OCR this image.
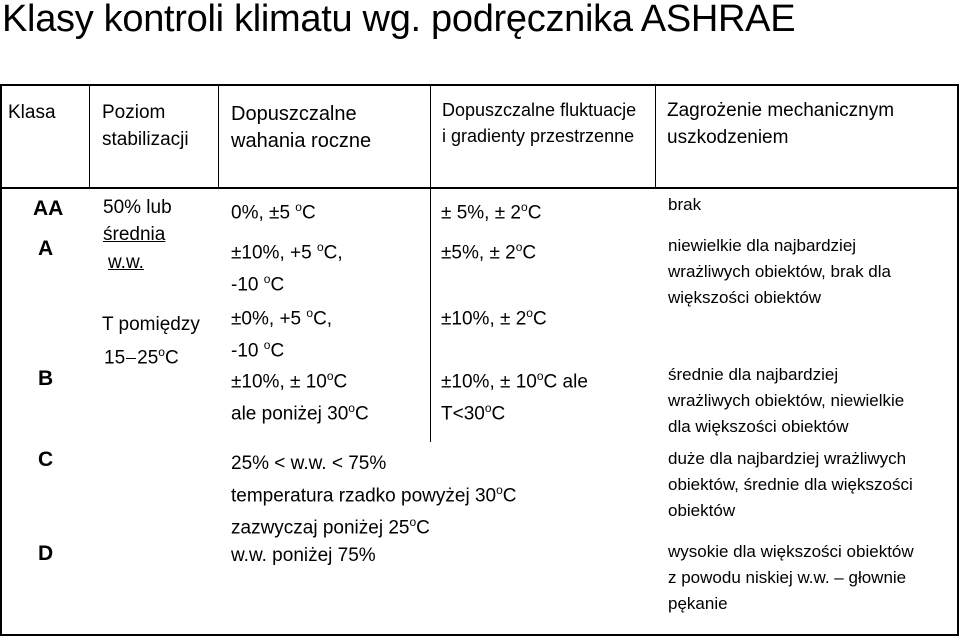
Klasy kontroli klimatu wg. podręcznika ASHRAE
Klasa Poziom
stabilizacji
Dopuszczalne
wahania roczne
Dopuszczalne fluktuacje
i gradienty przestrzenne
Zagrożenie mechanicznym
uszkodzeniem
AA
A
B
C
D
50% lub
średnia
w.w.
T pomiędzy
15 25$^o$C
0%, ±5 $^o$C
±10%, +5 $^o$C,
-10 $^o$C
±0%, +5 $^o$C,
-10 $^o$C
±10%, ± $10^oC$
ale poniżej 30$^o$C
25% < w.w. < 75%
temperatura rzadko powyżej 30$^o$C
zazwyczaj poniżej 25$^o$C
w.w. poniżej 75%
± 5%, ± $2^oC$
±5%, ± $2^oC$
±10%, ± $2^oC$
±10%, ± $10^oC$ ale
$T<30^oC$
brak
niewielkie dla najbardziej
wrażliwych obiektów, brak dla
większości obiektów
średnie dla najbardziej
wrażliwych obiektów, niewielkie
dla większości obiektów
duże dla najbardziej wrażliwych
obiektów, średnie dla większości
obiektów
wysokie dla większości obiektów
z powodu niskiej w.w. – głownie
pękanie
